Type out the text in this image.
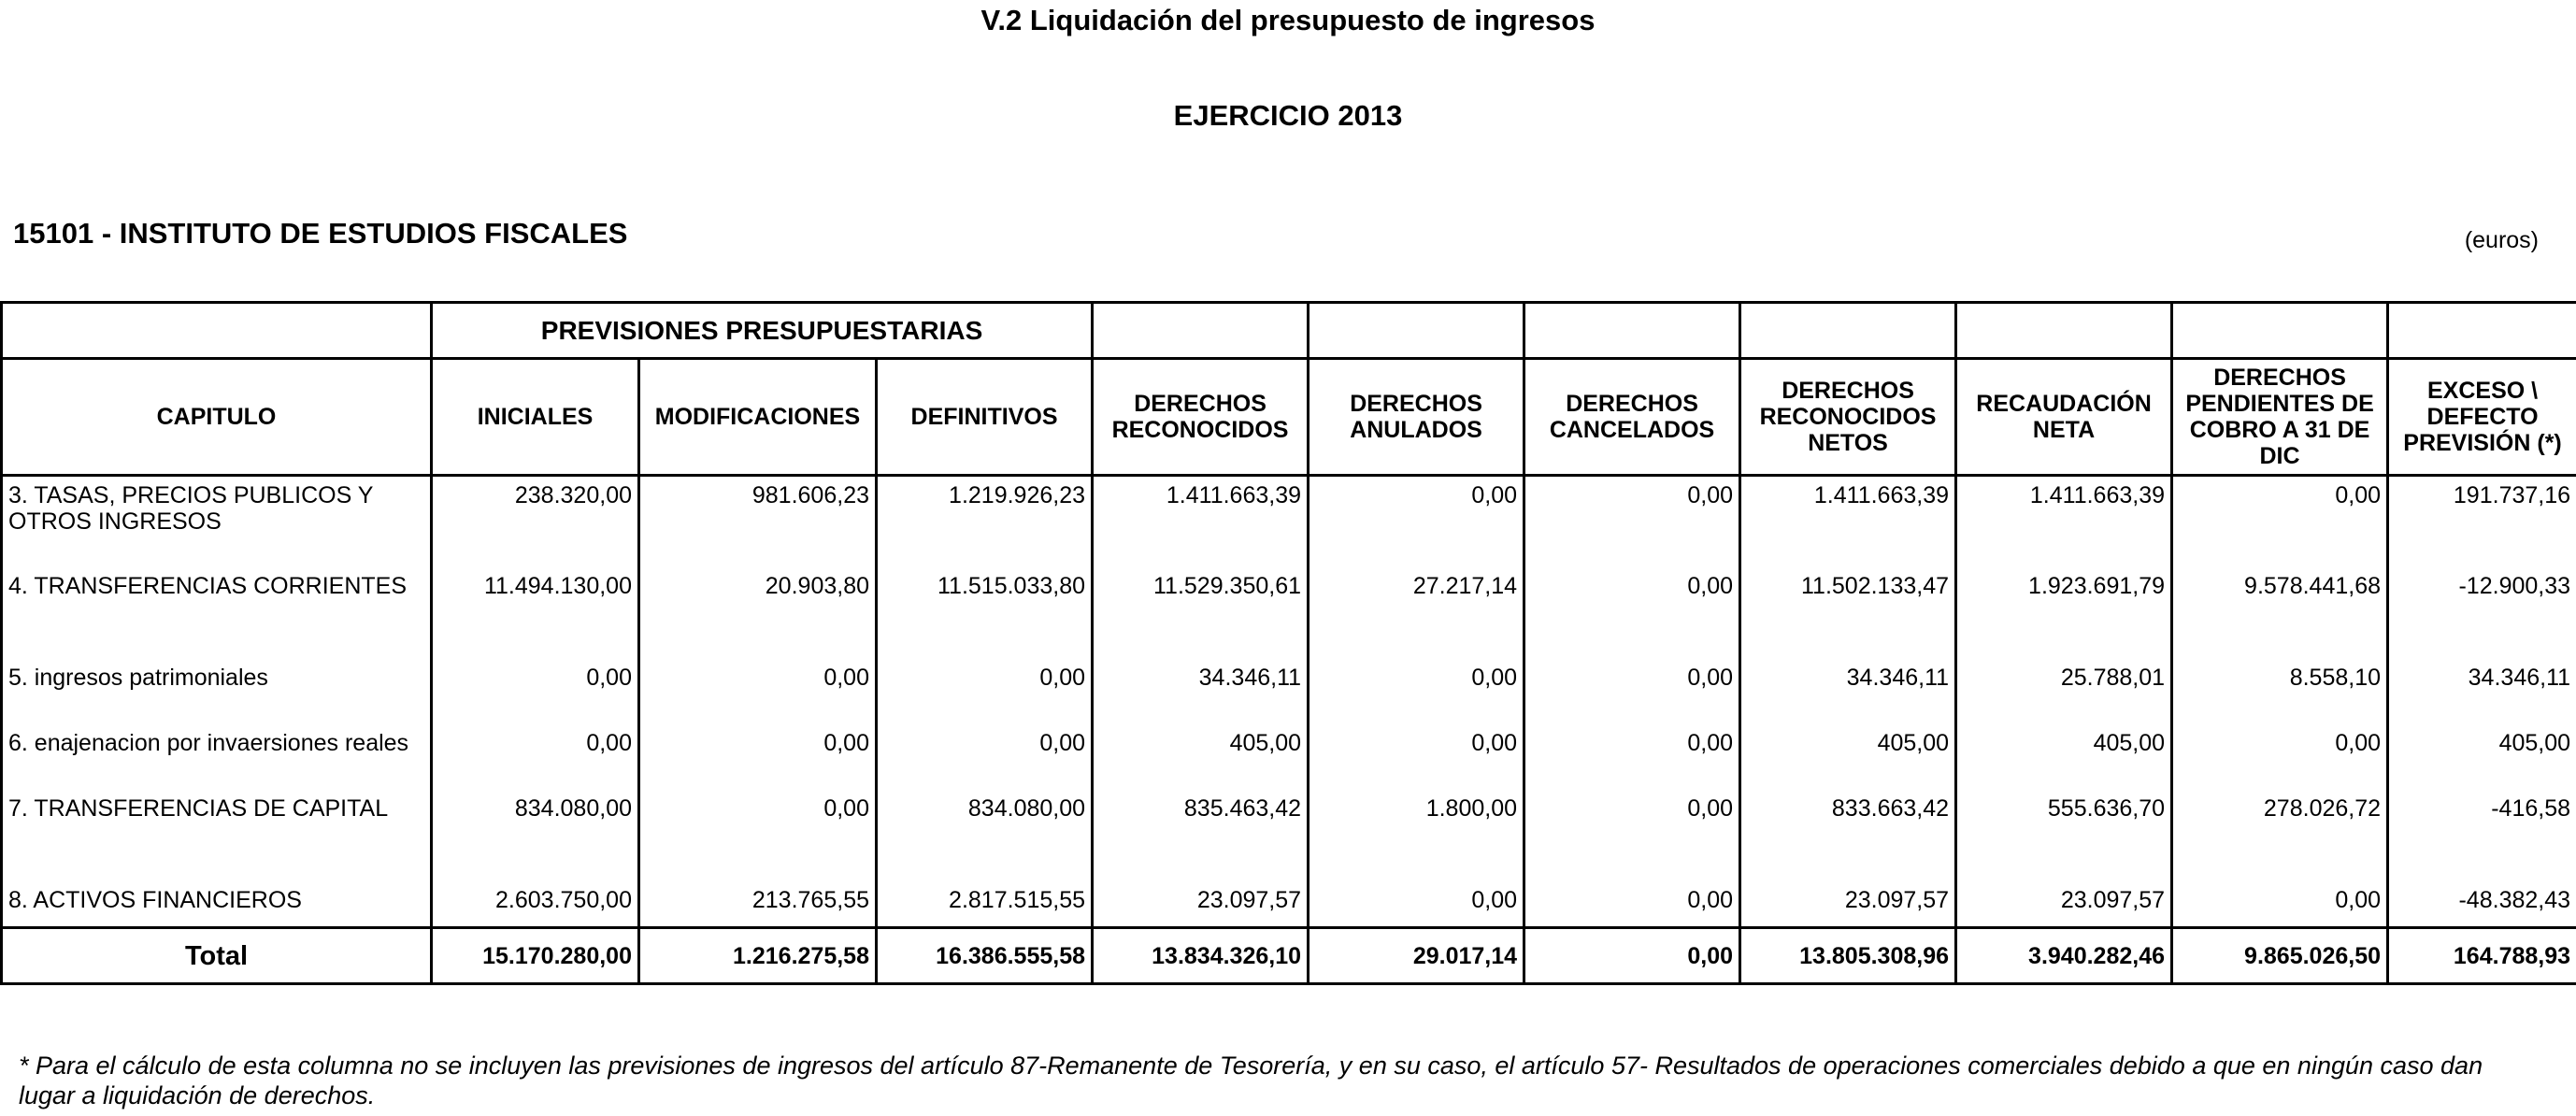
V.2 Liquidación del presupuesto de ingresos
EJERCICIO 2013
15101 - INSTITUTO DE ESTUDIOS FISCALES	(euros)
	PREVISIONES PRESUPUESTARIAS									
CAPITULO	INICIALES	MODIFICACIONES	DEFINITIVOS	DERECHOS RECONOCIDOS	DERECHOS ANULADOS	DERECHOS CANCELADOS	DERECHOS RECONOCIDOS NETOS	RECAUDACIÓN NETA	DERECHOS PENDIENTES DE COBRO A 31 DE DIC	EXCESO \ DEFECTO PREVISIÓN (*)
3. TASAS, PRECIOS PUBLICOS Y OTROS INGRESOS	238.320,00	981.606,23	1.219.926,23	1.411.663,39	0,00	0,00	1.411.663,39	1.411.663,39	0,00	191.737,16
4. TRANSFERENCIAS CORRIENTES	11.494.130,00	20.903,80	11.515.033,80	11.529.350,61	27.217,14	0,00	11.502.133,47	1.923.691,79	9.578.441,68	-12.900,33
5. ingresos patrimoniales	0,00	0,00	0,00	34.346,11	0,00	0,00	34.346,11	25.788,01	8.558,10	34.346,11
6. enajenacion por invaersiones reales	0,00	0,00	0,00	405,00	0,00	0,00	405,00	405,00	0,00	405,00
7. TRANSFERENCIAS DE CAPITAL	834.080,00	0,00	834.080,00	835.463,42	1.800,00	0,00	833.663,42	555.636,70	278.026,72	-416,58
8. ACTIVOS FINANCIEROS	2.603.750,00	213.765,55	2.817.515,55	23.097,57	0,00	0,00	23.097,57	23.097,57	0,00	-48.382,43
Total	15.170.280,00	1.216.275,58	16.386.555,58	13.834.326,10	29.017,14	0,00	13.805.308,96	3.940.282,46	9.865.026,50	164.788,93
* Para el cálculo de esta columna no se incluyen las previsiones de ingresos del artículo 87-Remanente de Tesorería, y en su caso, el artículo 57- Resultados de operaciones comerciales debido a que en ningún caso dan lugar a liquidación de derechos.
